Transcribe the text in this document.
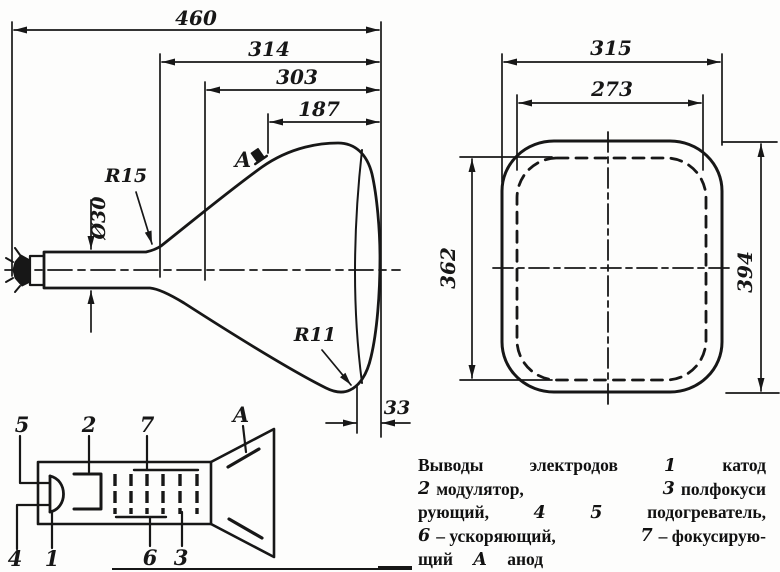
460
314
303
187
Ø30
R15
R11
A
33
315
273
362	394
5 2 7	A
4 1	6 3
Выводы	электродов	1	катод
2 модулятор,	3 полфокуси
рующий,	4	5	подогреватель,
6 – ускоряющий,	7 – фокусирую-
щий А анод
